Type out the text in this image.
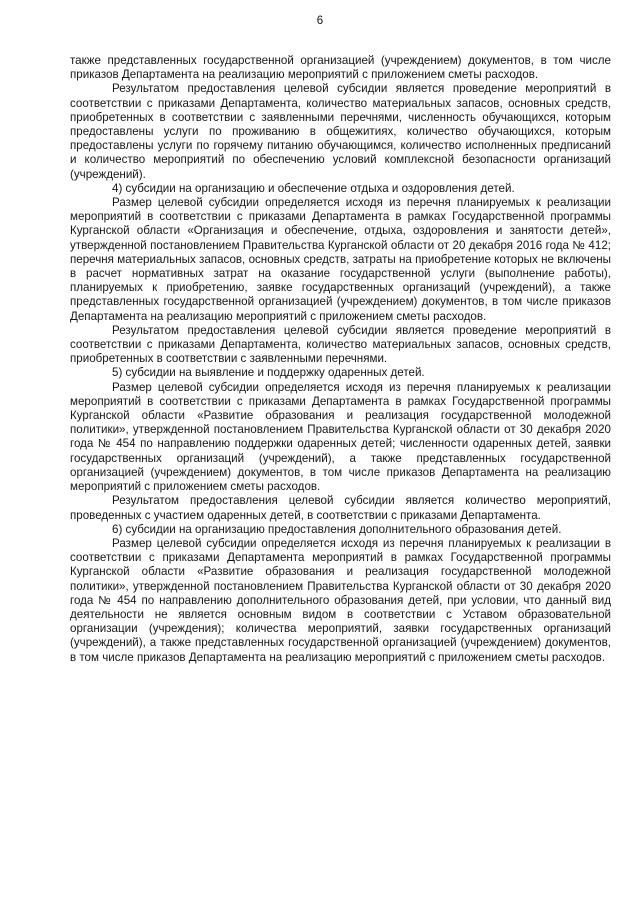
6

также представленных государственной организацией (учреждением) документов, в том числе приказов Департамента на реализацию мероприятий с приложением сметы расходов.

Результатом предоставления целевой субсидии является проведение мероприятий в соответствии с приказами Департамента, количество материальных запасов, основных средств, приобретенных в соответствии с заявленными перечнями, численность обучающихся, которым предоставлены услуги по проживанию в общежитиях, количество обучающихся, которым предоставлены услуги по горячему питанию обучающимся, количество исполненных предписаний и количество мероприятий по обеспечению условий комплексной безопасности организаций (учреждений).

4) субсидии на организацию и обеспечение отдыха и оздоровления детей.

Размер целевой субсидии определяется исходя из перечня планируемых к реализации мероприятий в соответствии с приказами Департамента в рамках Государственной программы Курганской области «Организация и обеспечение, отдыха, оздоровления и занятости детей», утвержденной постановлением Правительства Курганской области от 20 декабря 2016 года № 412; перечня материальных запасов, основных средств, затраты на приобретение которых не включены в расчет нормативных затрат на оказание государственной услуги (выполнение работы), планируемых к приобретению, заявке государственных организаций (учреждений), а также представленных государственной организацией (учреждением) документов, в том числе приказов Департамента на реализацию мероприятий с приложением сметы расходов.

Результатом предоставления целевой субсидии является проведение мероприятий в соответствии с приказами Департамента, количество материальных запасов, основных средств, приобретенных в соответствии с заявленными перечнями.

5) субсидии на выявление и поддержку одаренных детей.

Размер целевой субсидии определяется исходя из перечня планируемых к реализации мероприятий в соответствии с приказами Департамента в рамках Государственной программы Курганской области «Развитие образования и реализация государственной молодежной политики», утвержденной постановлением Правительства Курганской области от 30 декабря 2020 года № 454 по направлению поддержки одаренных детей; численности одаренных детей, заявки государственных организаций (учреждений), а также представленных государственной организацией (учреждением) документов, в том числе приказов Департамента на реализацию мероприятий с приложением сметы расходов.

Результатом предоставления целевой субсидии является количество мероприятий, проведенных с участием одаренных детей, в соответствии с приказами Департамента.

6) субсидии на организацию предоставления дополнительного образования детей.

Размер целевой субсидии определяется исходя из перечня планируемых к реализации в соответствии с приказами Департамента мероприятий в рамках Государственной программы Курганской области «Развитие образования и реализация государственной молодежной политики», утвержденной постановлением Правительства Курганской области от 30 декабря 2020 года № 454 по направлению дополнительного образования детей, при условии, что данный вид деятельности не является основным видом в соответствии с Уставом образовательной организации (учреждения); количества мероприятий, заявки государственных организаций (учреждений), а также представленных государственной организацией (учреждением) документов, в том числе приказов Департамента на реализацию мероприятий с приложением сметы расходов.
